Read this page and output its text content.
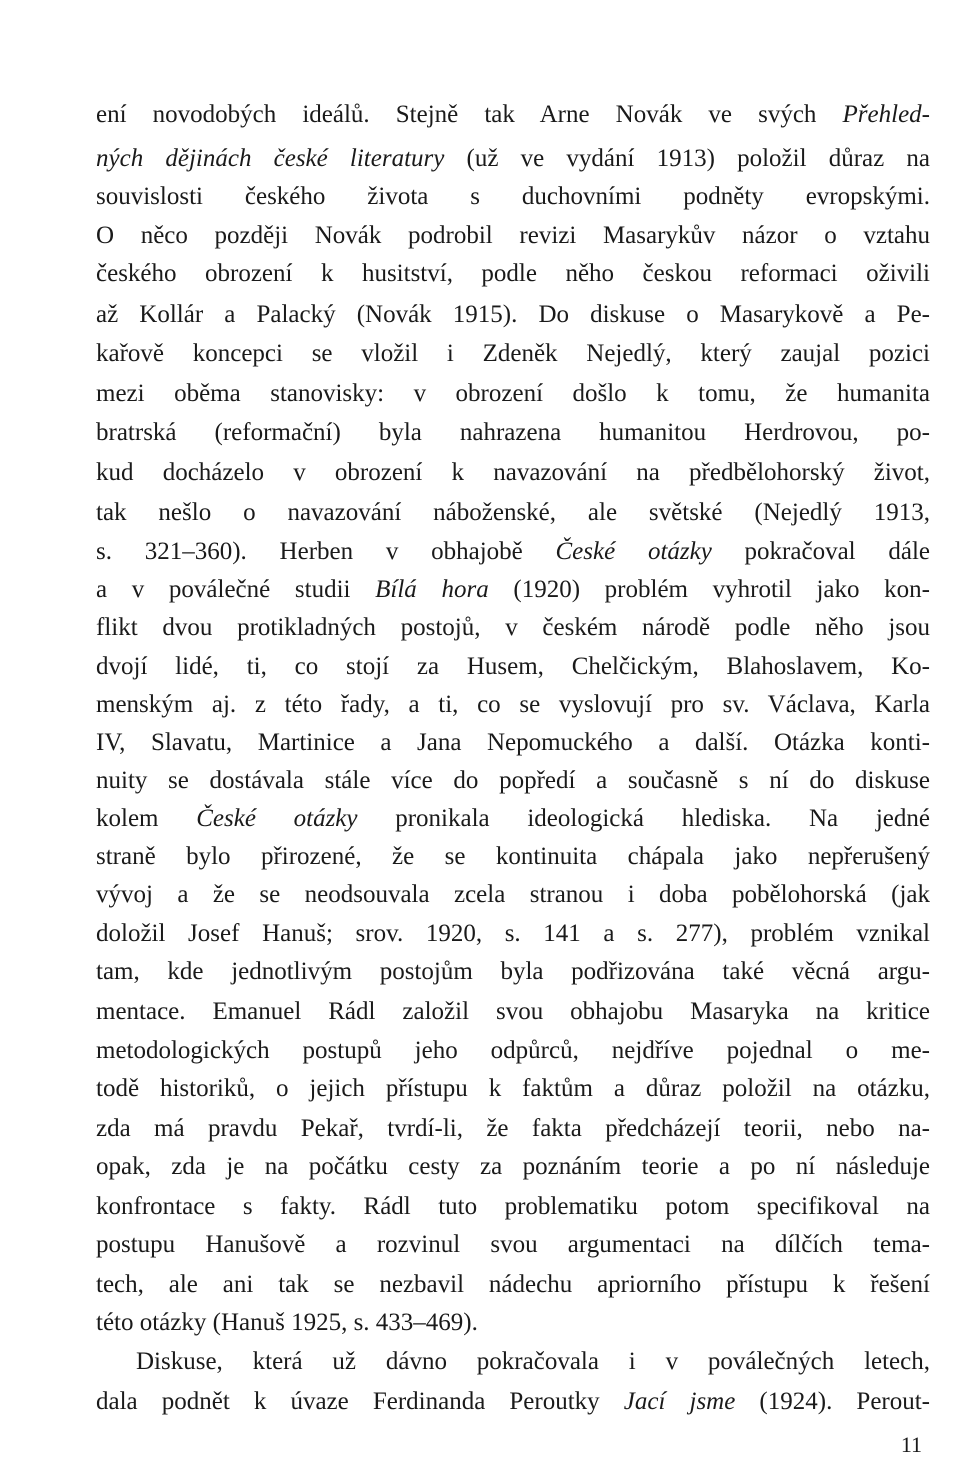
ení novodobých ideálů. Stejně tak Arne Novák ve svých Přehled-
ných dějinách české literatury (už ve vydání 1913) položil důraz na
souvislosti českého života s duchovními podněty evropskými.
O něco později Novák podrobil revizi Masarykův názor o vztahu
českého obrození k husitství, podle něho českou reformaci oživili
až Kollár a Palacký (Novák 1915). Do diskuse o Masarykově a Pe-
kařově koncepci se vložil i Zdeněk Nejedlý, který zaujal pozici
mezi oběma stanovisky: v obrození došlo k tomu, že humanita
bratrská (reformační) byla nahrazena humanitou Herdrovou, po-
kud docházelo v obrození k navazování na předbělohorský život,
tak nešlo o navazování náboženské, ale světské (Nejedlý 1913,
s. 321–360). Herben v obhajobě České otázky pokračoval dále
a v poválečné studii Bílá hora (1920) problém vyhrotil jako kon-
flikt dvou protikladných postojů, v českém národě podle něho jsou
dvojí lidé, ti, co stojí za Husem, Chelčickým, Blahoslavem, Ko-
menským aj. z této řady, a ti, co se vyslovují pro sv. Václava, Karla
IV, Slavatu, Martinice a Jana Nepomuckého a další. Otázka konti-
nuity se dostávala stále více do popředí a současně s ní do diskuse
kolem České otázky pronikala ideologická hlediska. Na jedné
straně bylo přirozené, že se kontinuita chápala jako nepřerušený
vývoj a že se neodsouvala zcela stranou i doba pobělohorská (jak
doložil Josef Hanuš; srov. 1920, s. 141 a s. 277), problém vznikal
tam, kde jednotlivým postojům byla podřizována také věcná argu-
mentace. Emanuel Rádl založil svou obhajobu Masaryka na kritice
metodologických postupů jeho odpůrců, nejdříve pojednal o me-
todě historiků, o jejich přístupu k faktům a důraz položil na otázku,
zda má pravdu Pekař, tvrdí-li, že fakta předcházejí teorii, nebo na-
opak, zda je na počátku cesty za poznáním teorie a po ní následuje
konfrontace s fakty. Rádl tuto problematiku potom specifikoval na
postupu Hanušově a rozvinul svou argumentaci na dílčích tema-
tech, ale ani tak se nezbavil nádechu apriorního přístupu k řešení
této otázky (Hanuš 1925, s. 433–469).
Diskuse, která už dávno pokračovala i v poválečných letech,
dala podnět k úvaze Ferdinanda Peroutky Jací jsme (1924). Perout-
11
